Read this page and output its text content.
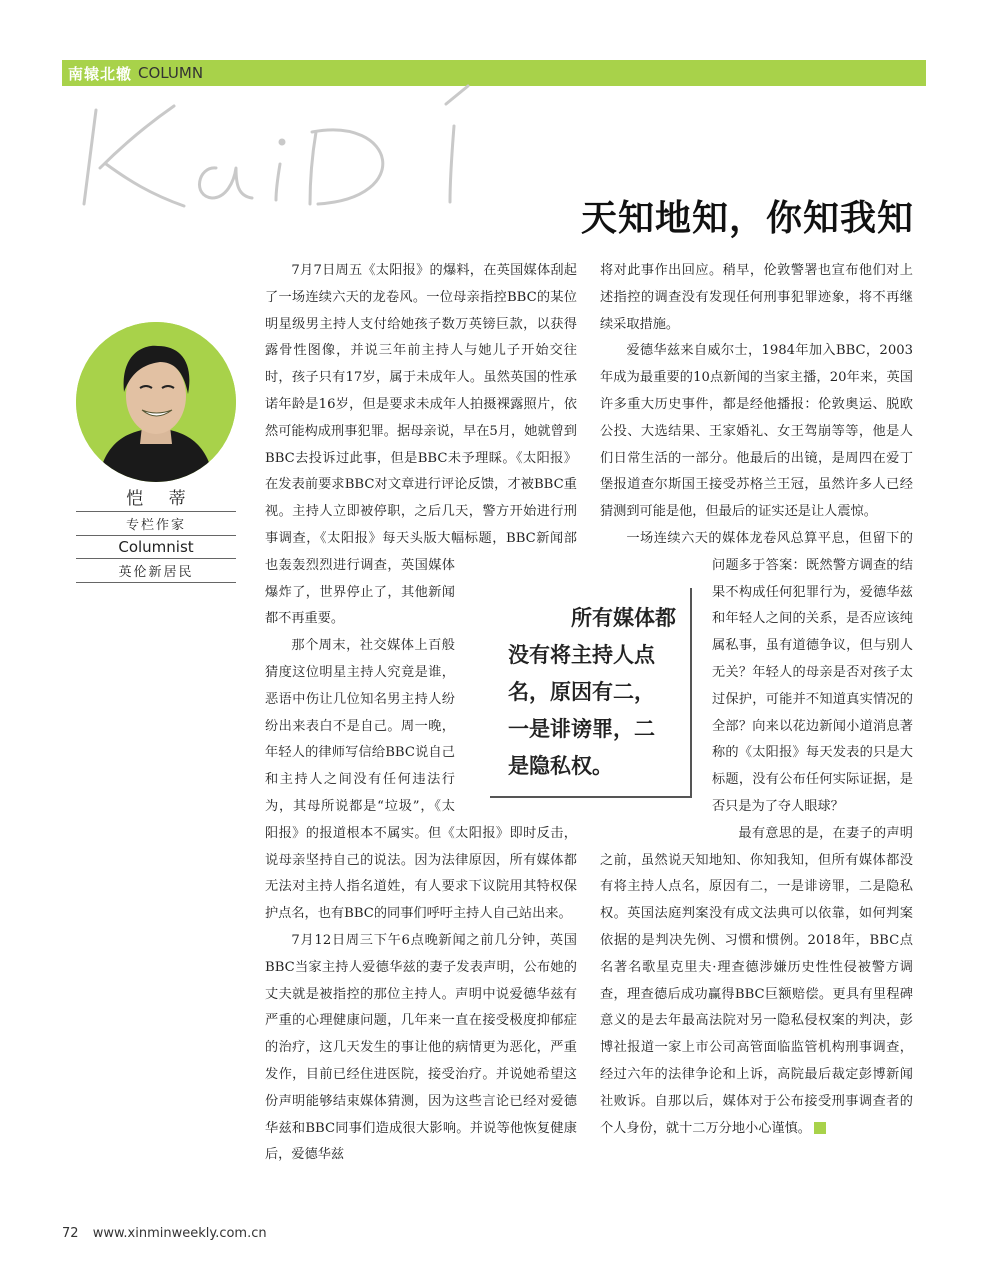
南辕北辙 COLUMN
天知地知，你知我知
恺 蒂
专栏作家
Columnist
英伦新居民

7月7日周五《太阳报》的爆料，在英国媒体刮起了一场连续六天的龙卷风。一位母亲指控BBC的某位明星级男主持人支付给她孩子数万英镑巨款，以获得露骨性图像，并说三年前主持人与她儿子开始交往时，孩子只有17岁，属于未成年人。虽然英国的性承诺年龄是16岁，但是要求未成年人拍摄裸露照片，依然可能构成刑事犯罪。据母亲说，早在5月，她就曾到BBC去投诉过此事，但是BBC未予理睬。《太阳报》在发表前要求BBC对文章进行评论反馈，才被BBC重视。主持人立即被停职，之后几天，警方开始进行刑事调查，《太阳报》每天头版大幅标题，BBC新闻部也轰轰烈烈进行调查，英国媒体爆炸了，世界停止了，其他新闻都不再重要。

那个周末，社交媒体上百般猜度这位明星主持人究竟是谁，恶语中伤让几位知名男主持人纷纷出来表白不是自己。周一晚，年轻人的律师写信给BBC说自己和主持人之间没有任何违法行为，其母所说都是“垃圾”，《太阳报》的报道根本不属实。但《太阳报》即时反击，说母亲坚持自己的说法。因为法律原因，所有媒体都无法对主持人指名道姓，有人要求下议院用其特权保护点名，也有BBC的同事们呼吁主持人自己站出来。

7月12日周三下午6点晚新闻之前几分钟，英国BBC当家主持人爱德华兹的妻子发表声明，公布她的丈夫就是被指控的那位主持人。声明中说爱德华兹有严重的心理健康问题，几年来一直在接受极度抑郁症的治疗，这几天发生的事让他的病情更为恶化，严重发作，目前已经住进医院，接受治疗。并说她希望这份声明能够结束媒体猜测，因为这些言论已经对爱德华兹和BBC同事们造成很大影响。并说等他恢复健康后，爱德华兹

将对此事作出回应。稍早，伦敦警署也宣布他们对上述指控的调查没有发现任何刑事犯罪迹象，将不再继续采取措施。

爱德华兹来自威尔士，1984年加入BBC，2003年成为最重要的10点新闻的当家主播，20年来，英国许多重大历史事件，都是经他播报：伦敦奥运、脱欧公投、大选结果、王家婚礼、女王驾崩等等，他是人们日常生活的一部分。他最后的出镜，是周四在爱丁堡报道查尔斯国王接受苏格兰王冠，虽然许多人已经猜测到可能是他，但最后的证实还是让人震惊。

一场连续六天的媒体龙卷风总算平息，但留下的问题多于答案：既然警方调查的结果不构成任何犯罪行为，爱德华兹和年轻人之间的关系，是否应该纯属私事，虽有道德争议，但与别人无关？年轻人的母亲是否对孩子太过保护，可能并不知道真实情况的全部？向来以花边新闻小道消息著称的《太阳报》每天发表的只是大标题，没有公布任何实际证据，是否只是为了夺人眼球？

最有意思的是，在妻子的声明之前，虽然说天知地知、你知我知，但所有媒体都没有将主持人点名，原因有二，一是诽谤罪，二是隐私权。英国法庭判案没有成文法典可以依靠，如何判案依据的是判决先例、习惯和惯例。2018年，BBC点名著名歌星克里夫·理查德涉嫌历史性性侵被警方调查，理查德后成功赢得BBC巨额赔偿。更具有里程碑意义的是去年最高法院对另一隐私侵权案的判决，彭博社报道一家上市公司高管面临监管机构刑事调查，经过六年的法律争论和上诉，高院最后裁定彭博新闻社败诉。自那以后，媒体对于公布接受刑事调查者的个人身份，就十二万分地小心谨慎。

所有媒体都
没有将主持人点
名，原因有二，
一是诽谤罪，二
是隐私权。
72 www.xinminweekly.com.cn
